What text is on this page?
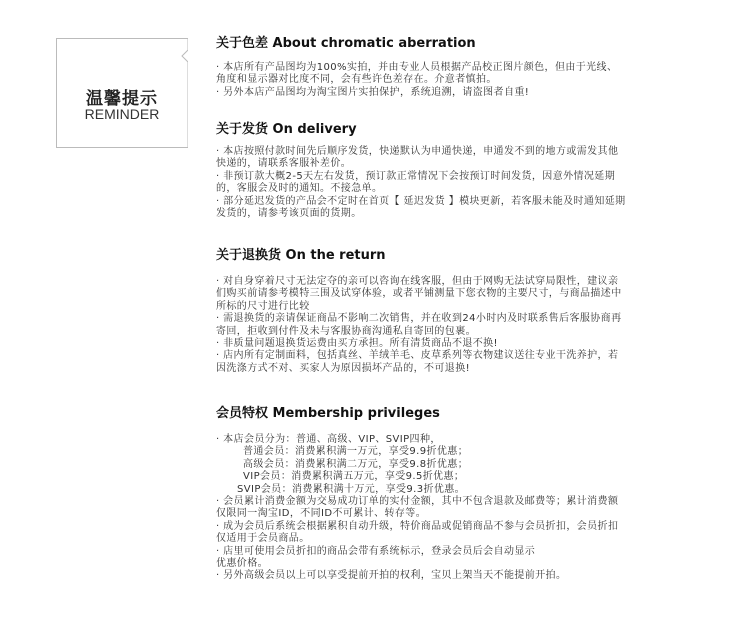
温馨提示
REMINDER
关于色差 About chromatic aberration
· 本店所有产品图均为100%实拍，并由专业人员根据产品校正图片颜色，但由于光线、
角度和显示器对比度不同，会有些许色差存在。介意者慎拍。
· 另外本店产品图均为淘宝图片实拍保护，系统追溯，请盗图者自重!
关于发货 On delivery
· 本店按照付款时间先后顺序发货，快递默认为申通快递，申通发不到的地方或需发其他
快递的，请联系客服补差价。
· 非预订款大概2-5天左右发货，预订款正常情况下会按预订时间发货，因意外情况延期
的，客服会及时的通知。不接急单。
· 部分延迟发货的产品会不定时在首页【 延迟发货 】模块更新，若客服未能及时通知延期
发货的，请参考该页面的货期。
关于退换货 On the return
· 对自身穿着尺寸无法定夺的亲可以咨询在线客服，但由于网购无法试穿局限性，建议亲
们购买前请参考模特三围及试穿体验，或者平铺测量下您衣物的主要尺寸，与商品描述中
所标的尺寸进行比较
· 需退换货的亲请保证商品不影响二次销售，并在收到24小时内及时联系售后客服协商再
寄回，拒收到付件及未与客服协商沟通私自寄回的包裹。
· 非质量问题退换货运费由买方承担。所有清货商品不退不换!
· 店内所有定制面料，包括真丝、羊绒羊毛、皮草系列等衣物建议送往专业干洗养护，若
因洗涤方式不对、买家人为原因损坏产品的，不可退换!
会员特权 Membership privileges
· 本店会员分为：普通、高级、VIP、SVIP四种，
普通会员：消费累积满一万元，享受9.9折优惠；
高级会员：消费累积满二万元，享受9.8折优惠；
VIP会员：消费累积满五万元，享受9.5折优惠；
SVIP会员：消费累积满十万元，享受9.3折优惠。
· 会员累计消费金额为交易成功订单的实付金额，其中不包含退款及邮费等；累计消费额
仅限同一淘宝ID，不同ID不可累计、转存等。
· 成为会员后系统会根据累积自动升级，特价商品或促销商品不参与会员折扣，会员折扣
仅适用于会员商品。
· 店里可使用会员折扣的商品会带有系统标示，登录会员后会自动显示
优惠价格。
· 另外高级会员以上可以享受提前开拍的权利，宝贝上架当天不能提前开拍。
